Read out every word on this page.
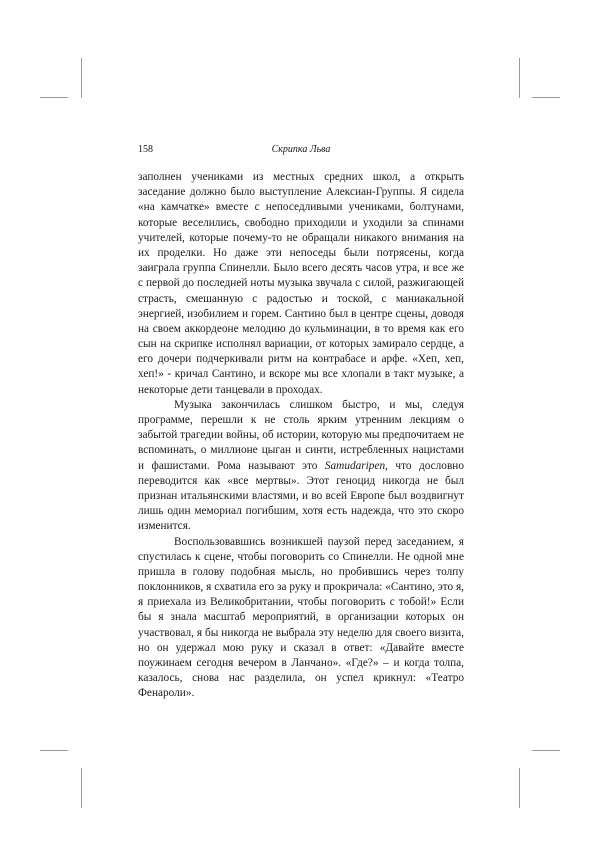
158	Скрипка Льва

заполнен учениками из местных средних школ, а открыть заседание должно было выступление Алексиан-Группы. Я сидела «на камчатке» вместе с непоседливыми учениками, болтунами, которые веселились, свободно приходили и уходили за спинами учителей, которые почему-то не обращали никакого внимания на их проделки. Но даже эти непоседы были потрясены, когда заиграла группа Спинелли. Было всего десять часов утра, и все же с первой до последней ноты музыка звучала с силой, разжигающей страсть, смешанную с радостью и тоской, с маниакальной энергией, изобилием и горем. Сантино был в центре сцены, доводя на своем аккордеоне мелодию до кульминации, в то время как его сын на скрипке исполнял вариации, от которых замирало сердце, а его дочери подчеркивали ритм на контрабасе и арфе. «Хеп, хеп, хеп!» - кричал Сантино, и вскоре мы все хлопали в такт музыке, а некоторые дети танцевали в проходах.

Музыка закончилась слишком быстро, и мы, следуя программе, перешли к не столь ярким утренним лекциям о забытой трагедии войны, об истории, которую мы предпочитаем не вспоминать, о миллионе цыган и синти, истребленных нацистами и фашистами. Рома называют это Samudaripen, что дословно переводится как «все мертвы». Этот геноцид никогда не был признан итальянскими властями, и во всей Европе был воздвигнут лишь один мемориал погибшим, хотя есть надежда, что это скоро изменится.

Воспользовавшись возникшей паузой перед заседанием, я спустилась к сцене, чтобы поговорить со Спинелли. Не одной мне пришла в голову подобная мысль, но пробившись через толпу поклонников, я схватила его за руку и прокричала: «Сантино, это я, я приехала из Великобритании, чтобы поговорить с тобой!» Если бы я знала масштаб мероприятий, в организации которых он участвовал, я бы никогда не выбрала эту неделю для своего визита, но он удержал мою руку и сказал в ответ: «Давайте вместе поужинаем сегодня вечером в Ланчано». «Где?» – и когда толпа, казалось, снова нас разделила, он успел крикнул: «Театро Фенароли».
